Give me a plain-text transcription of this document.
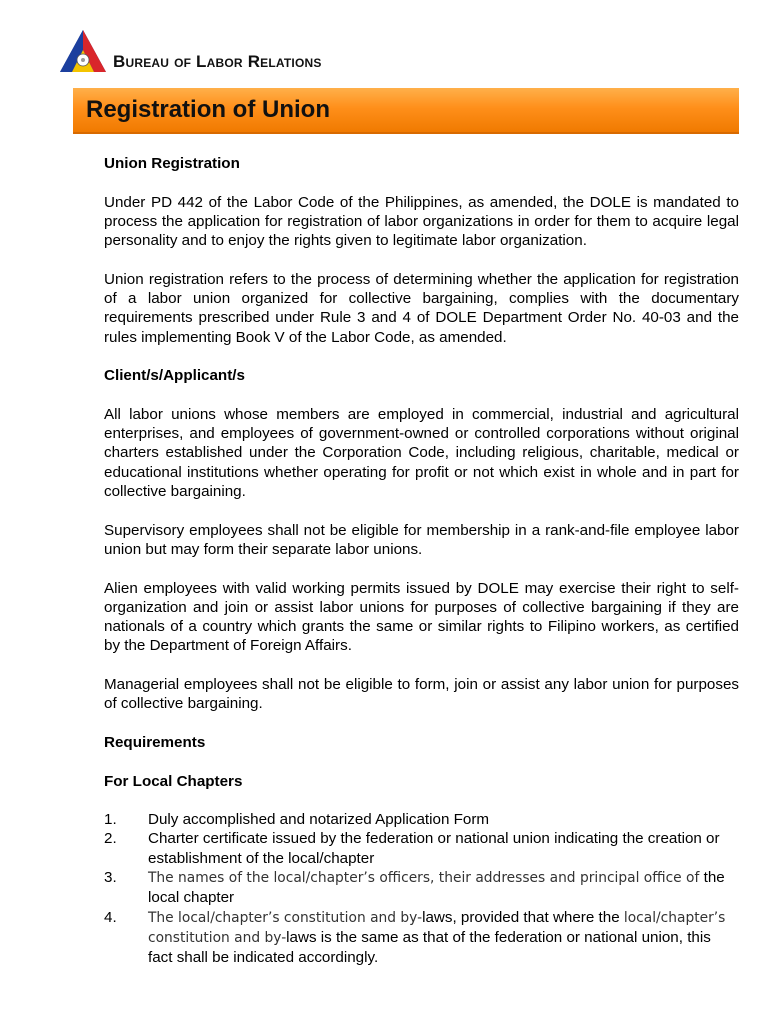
Bureau of Labor Relations
Registration of Union
Union Registration

Under PD 442 of the Labor Code of the Philippines, as amended, the DOLE is mandated to process the application for registration of labor organizations in order for them to acquire legal personality and to enjoy the rights given to legitimate labor organization.

Union registration refers to the process of determining whether the application for registration of a labor union organized for collective bargaining, complies with the documentary requirements prescribed under Rule 3 and 4 of DOLE Department Order No. 40-03 and the rules implementing Book V of the Labor Code, as amended.

Client/s/Applicant/s

All labor unions whose members are employed in commercial, industrial and agricultural enterprises, and employees of government-owned or controlled corporations without original charters established under the Corporation Code, including religious, charitable, medical or educational institutions whether operating for profit or not which exist in whole and in part for collective bargaining.

Supervisory employees shall not be eligible for membership in a rank-and-file employee labor union but may form their separate labor unions.

Alien employees with valid working permits issued by DOLE may exercise their right to self-organization and join or assist labor unions for purposes of collective bargaining if they are nationals of a country which grants the same or similar rights to Filipino workers, as certified by the Department of Foreign Affairs.

Managerial employees shall not be eligible to form, join or assist any labor union for purposes of collective bargaining.

Requirements
For Local Chapters
1. Duly accomplished and notarized Application Form
2. Charter certificate issued by the federation or national union indicating the creation or establishment of the local/chapter
3. The names of the local/chapter’s officers, their addresses and principal office of the local chapter
4. The local/chapter’s constitution and by-laws, provided that where the local/chapter’s constitution and by-laws is the same as that of the federation or national union, this fact shall be indicated accordingly.
